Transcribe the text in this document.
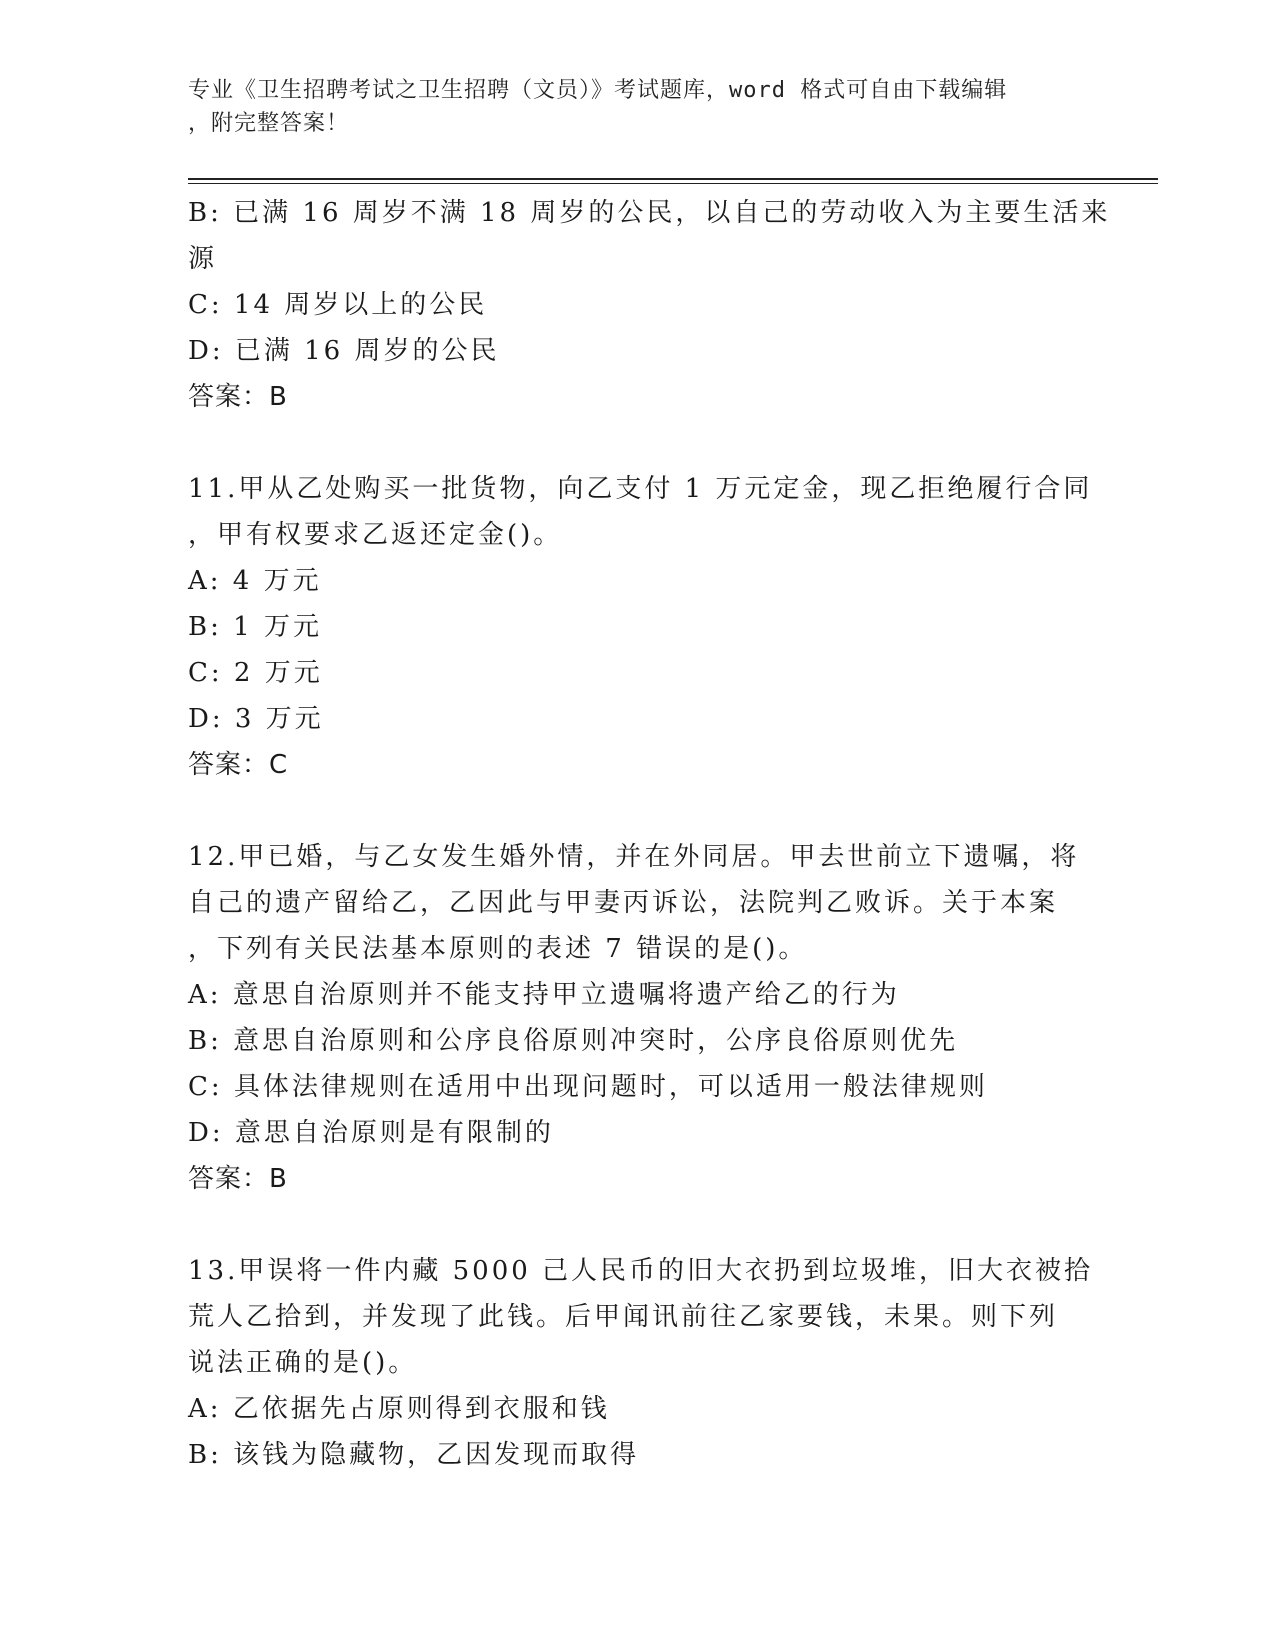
专业《卫生招聘考试之卫生招聘（文员）》考试题库，word 格式可自由下载编辑
，附完整答案！
B: 已满 16 周岁不满 18 周岁的公民，以自己的劳动收入为主要生活来
源
C: 14 周岁以上的公民
D: 已满 16 周岁的公民
答案：B
11.甲从乙处购买一批货物，向乙支付 1 万元定金，现乙拒绝履行合同
，甲有权要求乙返还定金()。
A: 4 万元
B: 1 万元
C: 2 万元
D: 3 万元
答案：C
12.甲已婚，与乙女发生婚外情，并在外同居。甲去世前立下遗嘱，将
自己的遗产留给乙，乙因此与甲妻丙诉讼，法院判乙败诉。关于本案
，下列有关民法基本原则的表述 7 错误的是()。
A: 意思自治原则并不能支持甲立遗嘱将遗产给乙的行为
B: 意思自治原则和公序良俗原则冲突时，公序良俗原则优先
C: 具体法律规则在适用中出现问题时，可以适用一般法律规则
D: 意思自治原则是有限制的
答案：B
13.甲误将一件内藏 5000 己人民币的旧大衣扔到垃圾堆，旧大衣被拾
荒人乙拾到，并发现了此钱。后甲闻讯前往乙家要钱，未果。则下列
说法正确的是()。
A: 乙依据先占原则得到衣服和钱
B: 该钱为隐藏物，乙因发现而取得
